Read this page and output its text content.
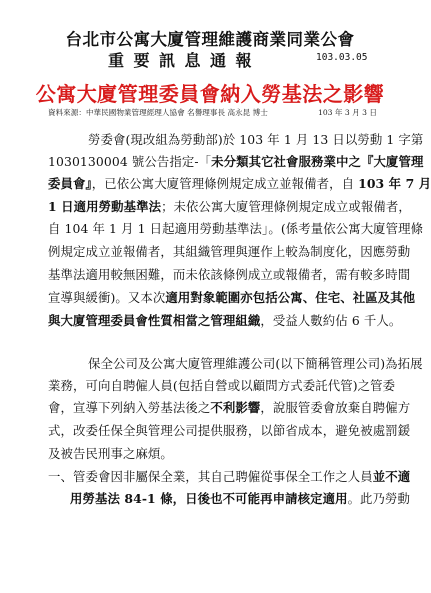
台北市公寓大廈管理維護商業同業公會
重要訊息通報	103.03.05
公寓大廈管理委員會納入勞基法之影響
資料來源：中華民國物業管理經理人協會 名譽理事長 高永昆 博士	103 年 3 月 3 日
勞委會(現改組為勞動部)於 103 年 1 月 13 日以勞動 1 字第
1030130004 號公告指定-「未分類其它社會服務業中之『大廈管理
委員會』，已依公寓大廈管理條例規定成立並報備者，自 103 年 7 月
1 日適用勞動基準法；未依公寓大廈管理條例規定成立或報備者，
自 104 年 1 月 1 日起適用勞動基準法」。(係考量依公寓大廈管理條
例規定成立並報備者，其組織管理與運作上較為制度化，因應勞動
基準法適用較無困難，而未依該條例成立或報備者，需有較多時間
宣導與緩衝)。又本次適用對象範圍亦包括公寓、住宅、社區及其他
與大廈管理委員會性質相當之管理組織，受益人數約佔 6 千人。
保全公司及公寓大廈管理維護公司(以下簡稱管理公司)為拓展
業務，可向自聘僱人員(包括自營或以顧問方式委託代管)之管委
會，宣導下列納入勞基法後之不利影響，說服管委會放棄自聘僱方
式，改委任保全與管理公司提供服務，以節省成本，避免被處罰鍰
及被告民刑事之麻煩。
一、管委會因非屬保全業，其自己聘僱從事保全工作之人員並不適
用勞基法 84-1 條，日後也不可能再申請核定適用。此乃勞動
